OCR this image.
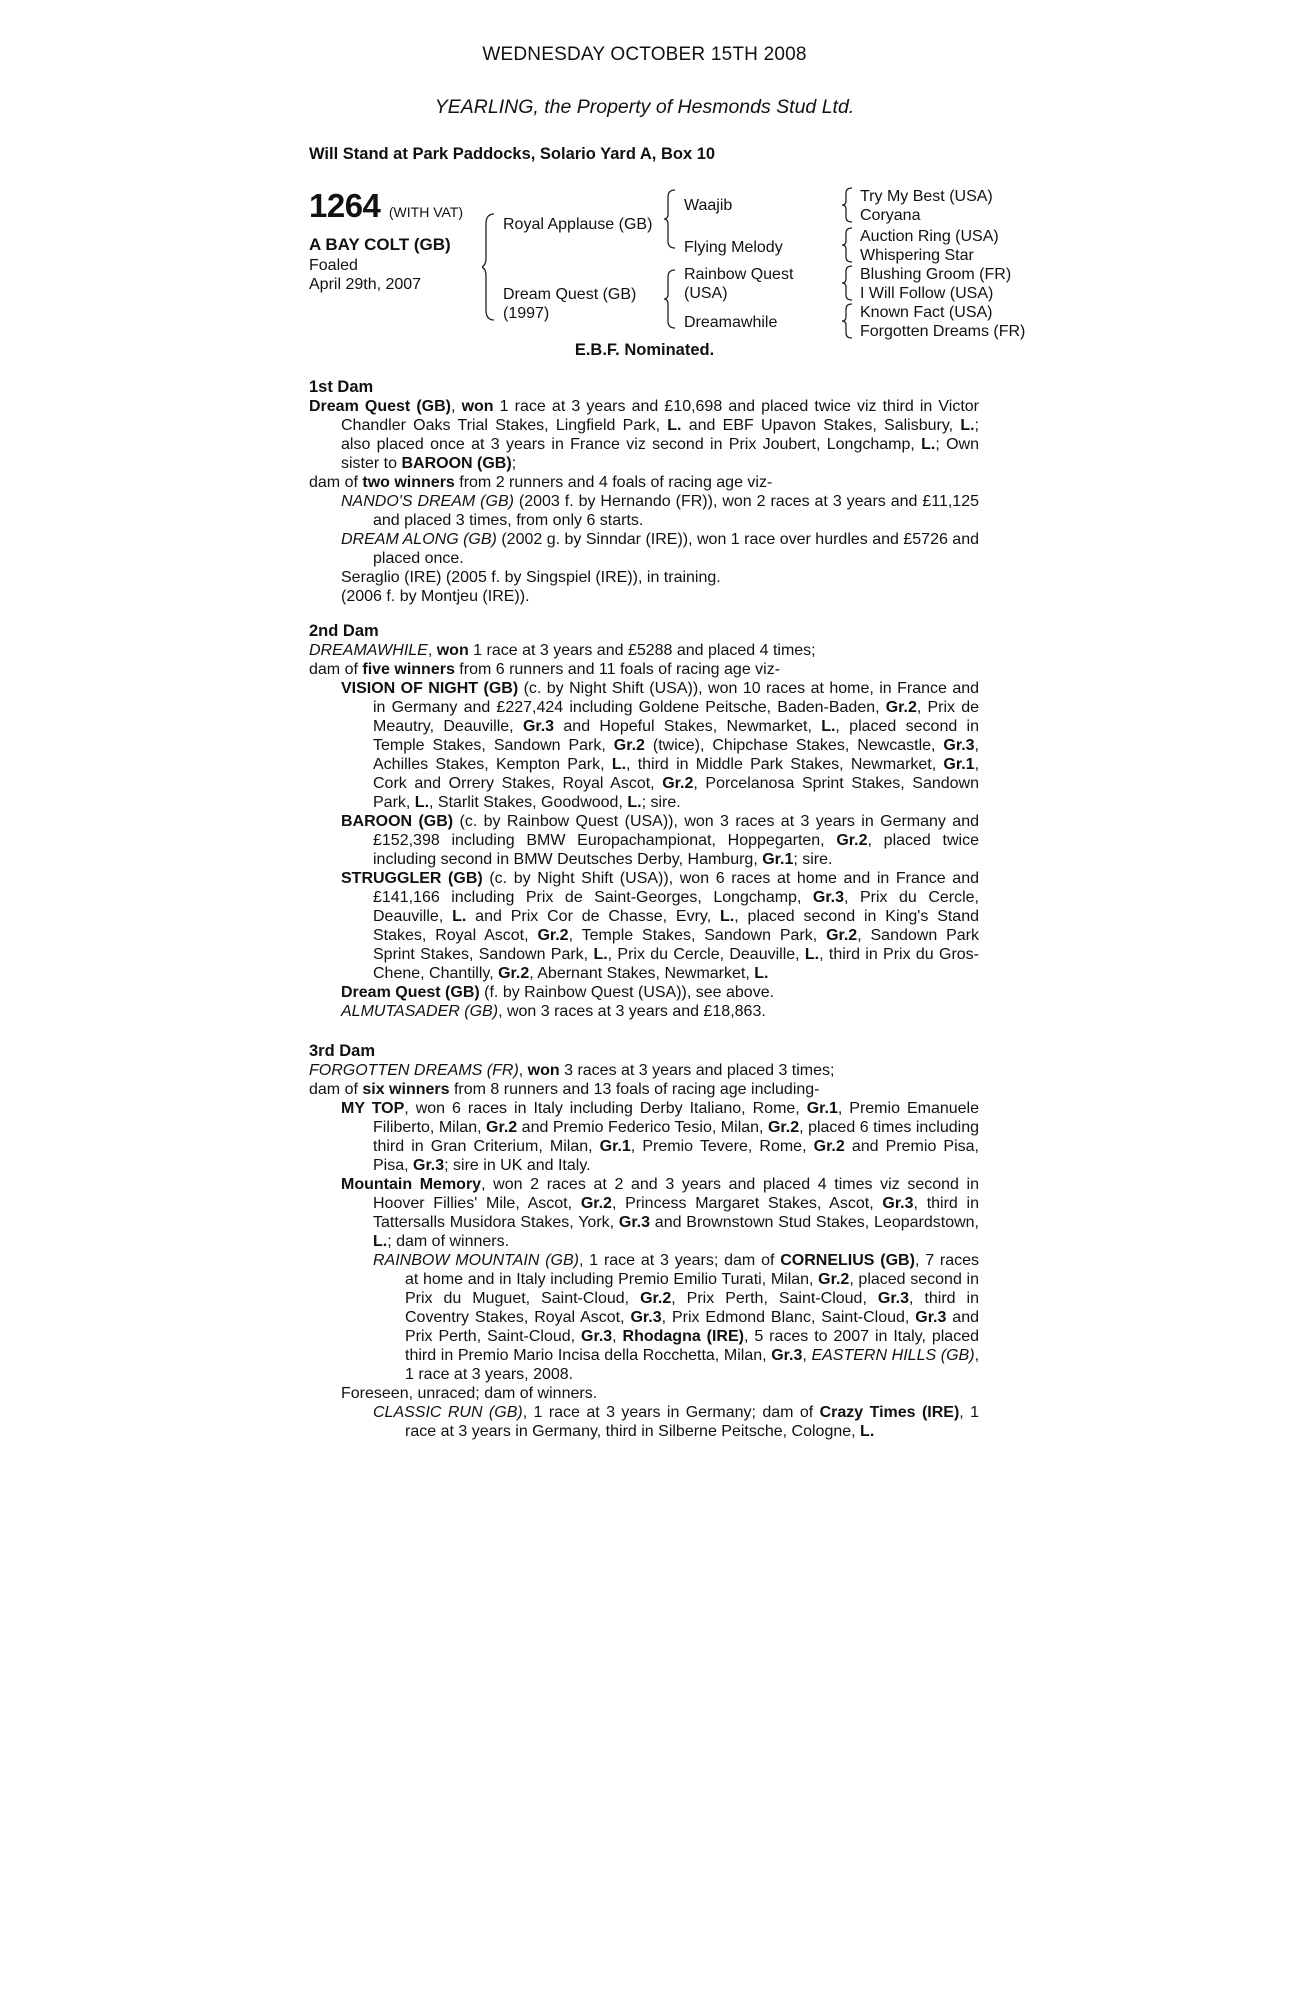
WEDNESDAY OCTOBER 15TH 2008
YEARLING, the Property of Hesmonds Stud Ltd.
Will Stand at Park Paddocks, Solario Yard A, Box 10
1264 (WITH VAT)
A BAY COLT (GB)
Foaled
April 29th, 2007
Royal Applause (GB)
Dream Quest (GB)
(1997)
Waajib
Flying Melody
Rainbow Quest
(USA)
Dreamawhile
Try My Best (USA)
Coryana
Auction Ring (USA)
Whispering Star
Blushing Groom (FR)
I Will Follow (USA)
Known Fact (USA)
Forgotten Dreams (FR)
E.B.F. Nominated.
1st Dam
Dream Quest (GB), won 1 race at 3 years and £10,698 and placed twice viz third in Victor Chandler Oaks Trial Stakes, Lingfield Park, L. and EBF Upavon Stakes, Salisbury, L.; also placed once at 3 years in France viz second in Prix Joubert, Longchamp, L.; Own sister to BAROON (GB);
dam of two winners from 2 runners and 4 foals of racing age viz-
NANDO'S DREAM (GB) (2003 f. by Hernando (FR)), won 2 races at 3 years and £11,125 and placed 3 times, from only 6 starts.
DREAM ALONG (GB) (2002 g. by Sinndar (IRE)), won 1 race over hurdles and £5726 and placed once.
Seraglio (IRE) (2005 f. by Singspiel (IRE)), in training.
(2006 f. by Montjeu (IRE)).
2nd Dam
DREAMAWHILE, won 1 race at 3 years and £5288 and placed 4 times;
dam of five winners from 6 runners and 11 foals of racing age viz-
VISION OF NIGHT (GB) (c. by Night Shift (USA)), won 10 races at home, in France and in Germany and £227,424 including Goldene Peitsche, Baden-Baden, Gr.2, Prix de Meautry, Deauville, Gr.3 and Hopeful Stakes, Newmarket, L., placed second in Temple Stakes, Sandown Park, Gr.2 (twice), Chipchase Stakes, Newcastle, Gr.3, Achilles Stakes, Kempton Park, L., third in Middle Park Stakes, Newmarket, Gr.1, Cork and Orrery Stakes, Royal Ascot, Gr.2, Porcelanosa Sprint Stakes, Sandown Park, L., Starlit Stakes, Goodwood, L.; sire.
BAROON (GB) (c. by Rainbow Quest (USA)), won 3 races at 3 years in Germany and £152,398 including BMW Europachampionat, Hoppegarten, Gr.2, placed twice including second in BMW Deutsches Derby, Hamburg, Gr.1; sire.
STRUGGLER (GB) (c. by Night Shift (USA)), won 6 races at home and in France and £141,166 including Prix de Saint-Georges, Longchamp, Gr.3, Prix du Cercle, Deauville, L. and Prix Cor de Chasse, Evry, L., placed second in King's Stand Stakes, Royal Ascot, Gr.2, Temple Stakes, Sandown Park, Gr.2, Sandown Park Sprint Stakes, Sandown Park, L., Prix du Cercle, Deauville, L., third in Prix du Gros-Chene, Chantilly, Gr.2, Abernant Stakes, Newmarket, L.
Dream Quest (GB) (f. by Rainbow Quest (USA)), see above.
ALMUTASADER (GB), won 3 races at 3 years and £18,863.
3rd Dam
FORGOTTEN DREAMS (FR), won 3 races at 3 years and placed 3 times;
dam of six winners from 8 runners and 13 foals of racing age including-
MY TOP, won 6 races in Italy including Derby Italiano, Rome, Gr.1, Premio Emanuele Filiberto, Milan, Gr.2 and Premio Federico Tesio, Milan, Gr.2, placed 6 times including third in Gran Criterium, Milan, Gr.1, Premio Tevere, Rome, Gr.2 and Premio Pisa, Pisa, Gr.3; sire in UK and Italy.
Mountain Memory, won 2 races at 2 and 3 years and placed 4 times viz second in Hoover Fillies' Mile, Ascot, Gr.2, Princess Margaret Stakes, Ascot, Gr.3, third in Tattersalls Musidora Stakes, York, Gr.3 and Brownstown Stud Stakes, Leopardstown, L.; dam of winners.
RAINBOW MOUNTAIN (GB), 1 race at 3 years; dam of CORNELIUS (GB), 7 races at home and in Italy including Premio Emilio Turati, Milan, Gr.2, placed second in Prix du Muguet, Saint-Cloud, Gr.2, Prix Perth, Saint-Cloud, Gr.3, third in Coventry Stakes, Royal Ascot, Gr.3, Prix Edmond Blanc, Saint-Cloud, Gr.3 and Prix Perth, Saint-Cloud, Gr.3, Rhodagna (IRE), 5 races to 2007 in Italy, placed third in Premio Mario Incisa della Rocchetta, Milan, Gr.3, EASTERN HILLS (GB), 1 race at 3 years, 2008.
Foreseen, unraced; dam of winners.
CLASSIC RUN (GB), 1 race at 3 years in Germany; dam of Crazy Times (IRE), 1 race at 3 years in Germany, third in Silberne Peitsche, Cologne, L.
